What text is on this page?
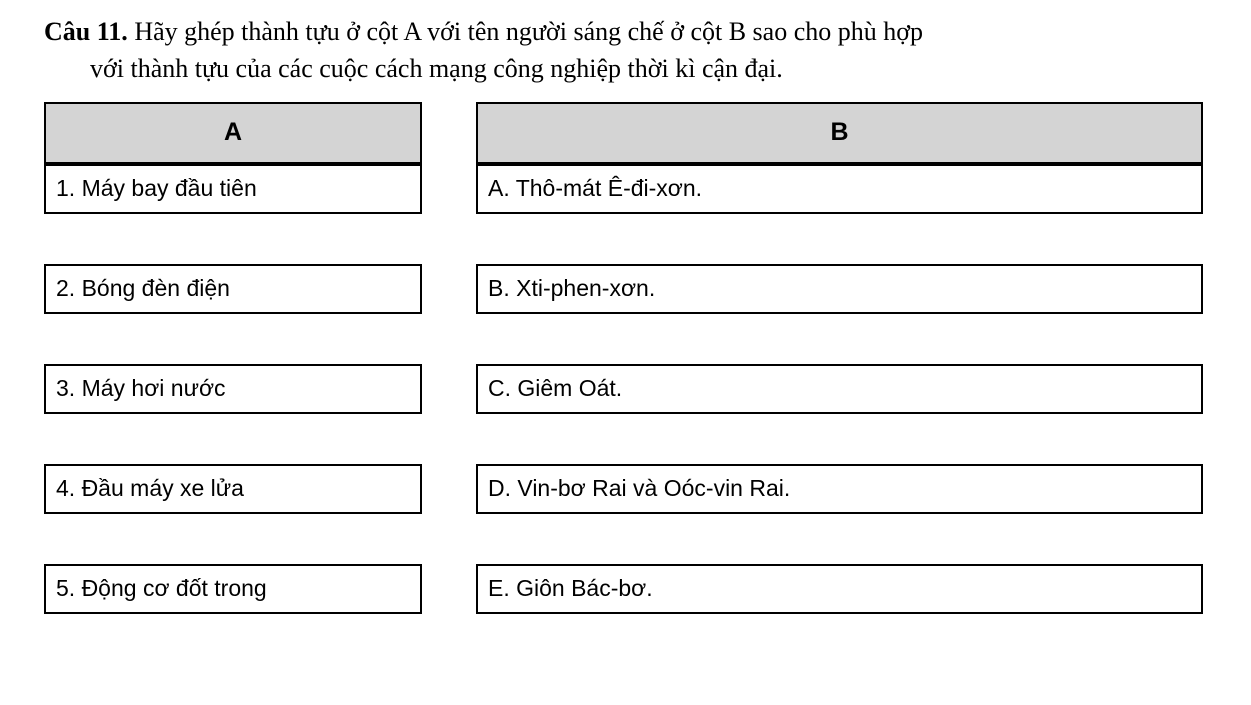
Câu 11. Hãy ghép thành tựu ở cột A với tên người sáng chế ở cột B sao cho phù hợp
với thành tựu của các cuộc cách mạng công nghiệp thời kì cận đại.
A
1. Máy bay đầu tiên
2. Bóng đèn điện
3. Máy hơi nước
4. Đầu máy xe lửa
5. Động cơ đốt trong
B
A. Thô-mát Ê-đi-xơn.
B. Xti-phen-xơn.
C. Giêm Oát.
D. Vin-bơ Rai và Oóc-vin Rai.
E. Giôn Bác-bơ.
